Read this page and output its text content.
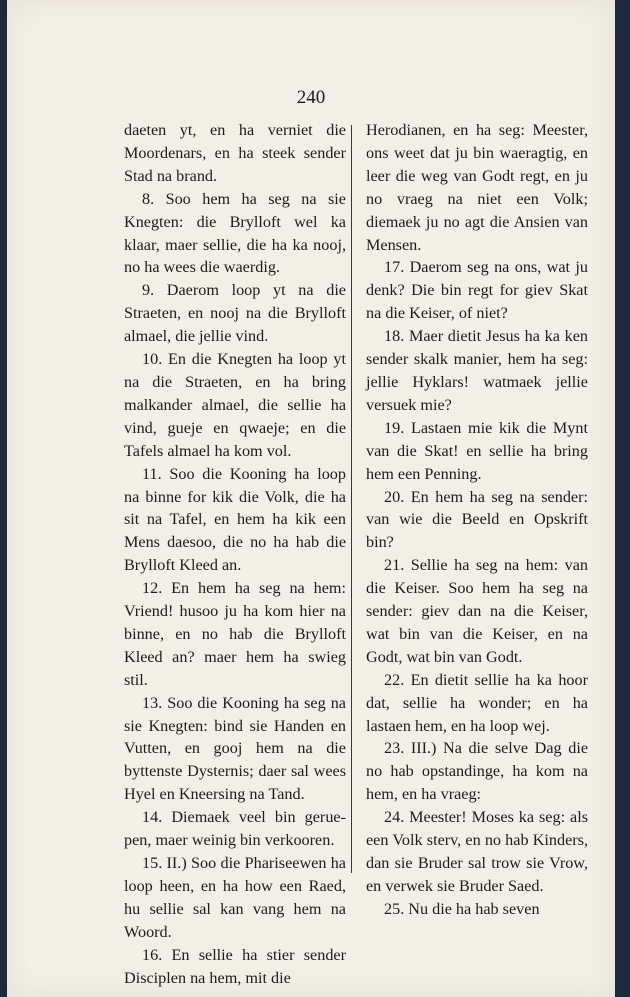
240

daeten yt, en ha verniet die Moordenars, en ha steek sender Stad na brand.

8. Soo hem ha seg na sie Knegten: die Brylloft wel ka klaar, maer sellie, die ha ka nooj, no ha wees die waerdig.

9. Daerom loop yt na die Straeten, en nooj na die Brylloft almael, die jellie vind.

10. En die Knegten ha loop yt na die Straeten, en ha bring malkander almael, die sellie ha vind, gueje en qwaeje; en die Tafels almael ha kom vol.

11. Soo die Kooning ha loop na binne for kik die Volk, die ha sit na Tafel, en hem ha kik een Mens daesoo, die no ha hab die Brylloft Kleed an.

12. En hem ha seg na hem: Vriend! husoo ju ha kom hier na binne, en no hab die Brylloft Kleed an? maer hem ha swieg stil.

13. Soo die Kooning ha seg na sie Knegten: bind sie Handen en Vutten, en gooj hem na die byttenste Dysternis; daer sal wees Hyel en Kneersing na Tand.

14. Diemaek veel bin geruepen, maer weinig bin verkooren.

15. II.) Soo die Phariseewen ha loop heen, en ha how een Raed, hu sellie sal kan vang hem na Woord.

16. En sellie ha stier sender Disciplen na hem, mit die

Herodianen, en ha seg: Meester, ons weet dat ju bin waeragtig, en leer die weg van Godt regt, en ju no vraeg na niet een Volk; diemaek ju no agt die Ansien van Mensen.

17. Daerom seg na ons, wat ju denk? Die bin regt for giev Skat na die Keiser, of niet?

18. Maer dietit Jesus ha ka ken sender skalk manier, hem ha seg: jellie Hyklars! watmaek jellie versuek mie?

19. Lastaen mie kik die Mynt van die Skat! en sellie ha bring hem een Penning.

20. En hem ha seg na sender: van wie die Beeld en Opskrift bin?

21. Sellie ha seg na hem: van die Keiser. Soo hem ha seg na sender: giev dan na die Keiser, wat bin van die Keiser, en na Godt, wat bin van Godt.

22. En dietit sellie ha ka hoor dat, sellie ha wonder; en ha lastaen hem, en ha loop wej.

23. III.) Na die selve Dag die no hab opstandinge, ha kom na hem, en ha vraeg:

24. Meester! Moses ka seg: als een Volk sterv, en no hab Kinders, dan sie Bruder sal trow sie Vrow, en verwek sie Bruder Saed.

25. Nu die ha hab seven
